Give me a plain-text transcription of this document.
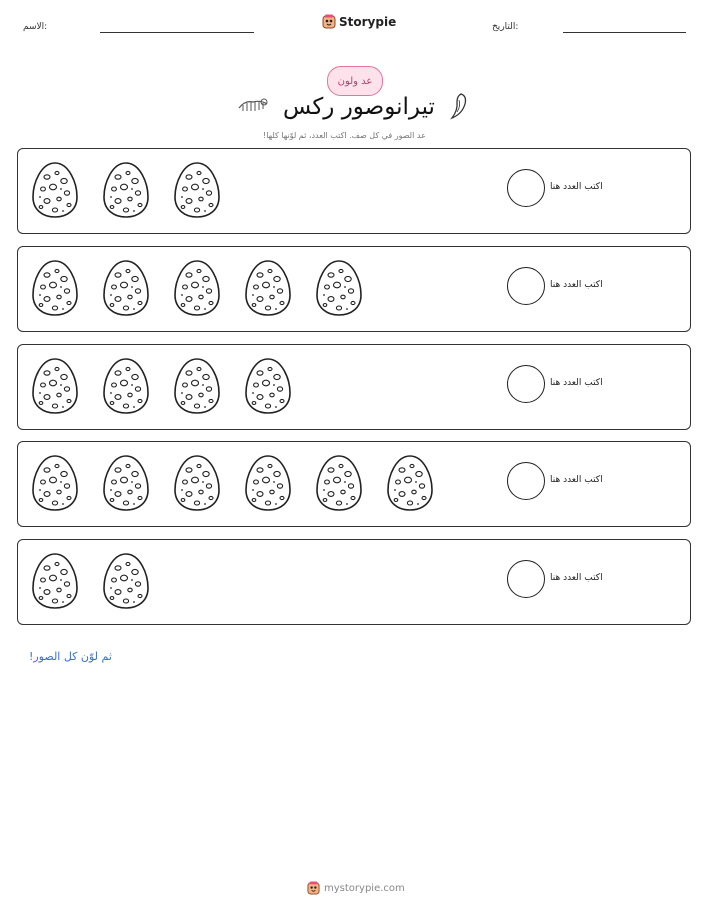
الاسم:	Storypie	التاريخ:
عد ولون
تيرانوصور ركس
عد الصور في كل صف. اكتب العدد، ثم لوّنها كلها!
اكتب العدد هنا
اكتب العدد هنا
اكتب العدد هنا
اكتب العدد هنا
اكتب العدد هنا
ثم لوّن كل الصور!
mystorypie.com
